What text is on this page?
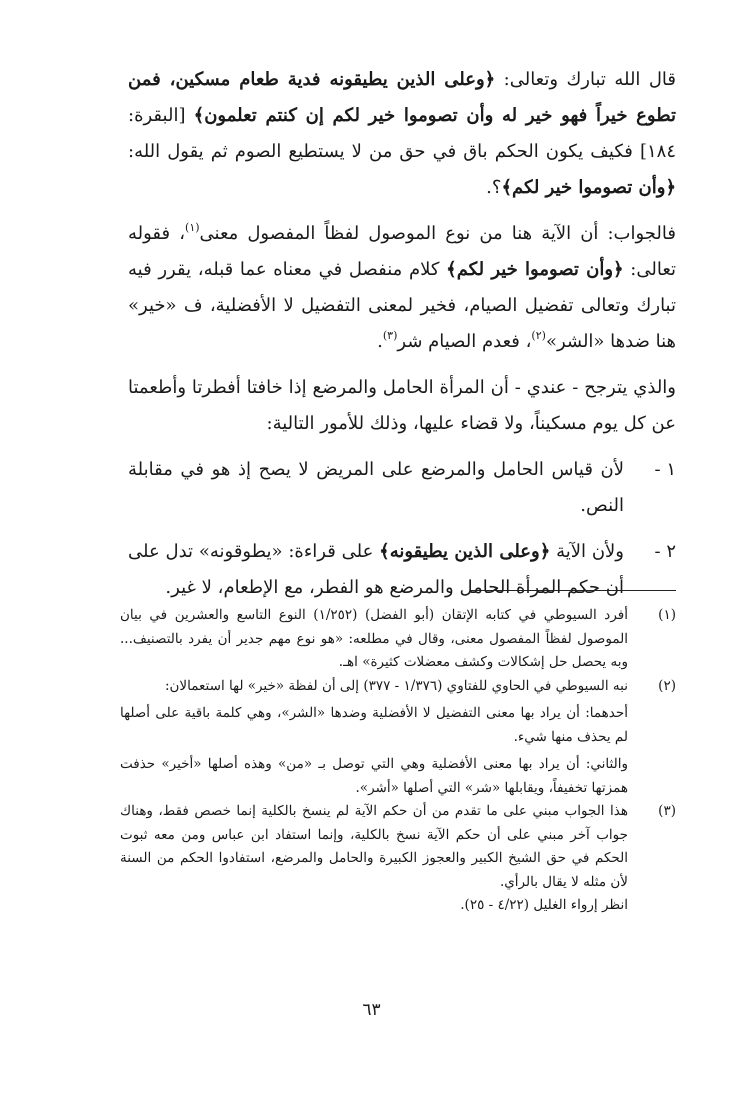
قال الله تبارك وتعالى: ﴿وعلى الذين يطيقونه فدية طعام مسكين، فمن تطوع خيراً فهو خير له وأن تصوموا خير لكم إن كنتم تعلمون﴾ [البقرة: ١٨٤] فكيف يكون الحكم باق في حق من لا يستطيع الصوم ثم يقول الله: ﴿وأن تصوموا خير لكم﴾؟.

فالجواب: أن الآية هنا من نوع الموصول لفظاً المفصول معنى$^{(١)}$، فقوله تعالى: ﴿وأن تصوموا خير لكم﴾ كلام منفصل في معناه عما قبله، يقرر فيه تبارك وتعالى تفضيل الصيام، فخير لمعنى التفضيل لا الأفضلية، ف «خير» هنا ضدها «الشر»$^{(٢)}$، فعدم الصيام شر$^{(٣)}$.

والذي يترجح - عندي - أن المرأة الحامل والمرضع إذا خافتا أفطرتا وأطعمتا عن كل يوم مسكيناً، ولا قضاء عليها، وذلك للأمور التالية:

١ -
لأن قياس الحامل والمرضع على المريض لا يصح إذ هو في مقابلة النص.
٢ -
ولأن الآية ﴿وعلى الذين يطيقونه﴾ على قراءة: «يطوقونه» تدل على أن حكم المرأة الحامل والمرضع هو الفطر، مع الإطعام، لا غير.
(١)

أفرد السيوطي في كتابه الإتقان (أبو الفضل) (١/٢٥٢) النوع التاسع والعشرين في بيان الموصول لفظاً المفصول معنى، وقال في مطلعه: «هو نوع مهم جدير أن يفرد بالتصنيف... وبه يحصل حل إشكالات وكشف معضلات كثيرة» اهـ.

(٢)

نبه السيوطي في الحاوي للفتاوي (١/٣٧٦ - ٣٧٧) إلى أن لفظة «خير» لها استعمالان:

أحدهما: أن يراد بها معنى التفضيل لا الأفضلية وضدها «الشر»، وهي كلمة باقية على أصلها لم يحذف منها شيء.

والثاني: أن يراد بها معنى الأفضلية وهي التي توصل بـ «من» وهذه أصلها «أخير» حذفت همزتها تخفيفاً، ويقابلها «شر» التي أصلها «أشر».

(٣)

هذا الجواب مبني على ما تقدم من أن حكم الآية لم ينسخ بالكلية إنما خصص فقط، وهناك جواب آخر مبني على أن حكم الآية نسخ بالكلية، وإنما استفاد ابن عباس ومن معه ثبوت الحكم في حق الشيخ الكبير والعجوز الكبيرة والحامل والمرضع، استفادوا الحكم من السنة لأن مثله لا يقال بالرأي.

انظر إرواء الغليل (٤/٢٢ - ٢٥).

٦٣
